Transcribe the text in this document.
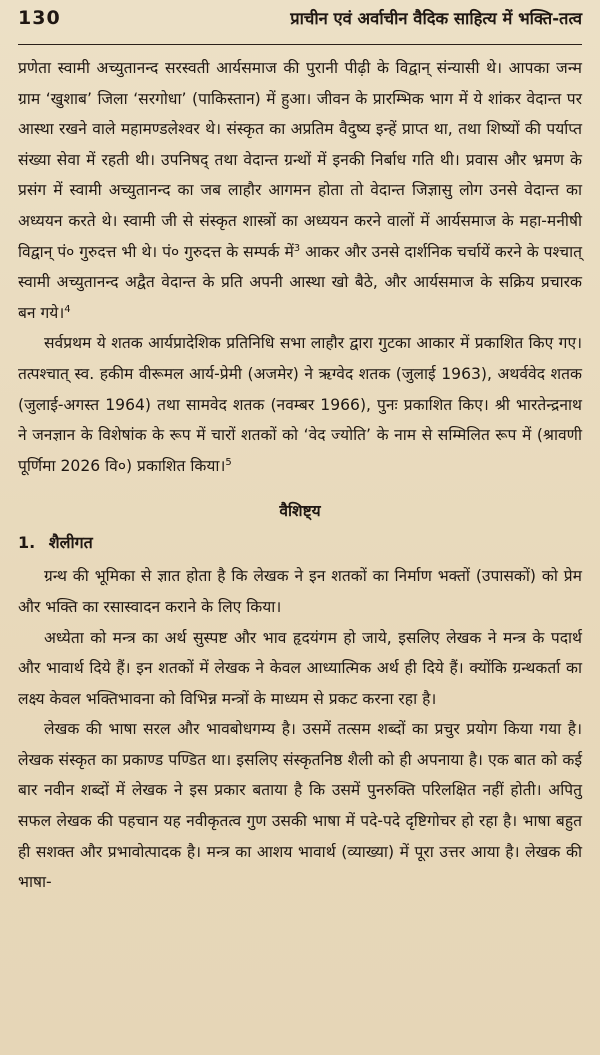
130	प्राचीन एवं अर्वाचीन वैदिक साहित्य में भक्ति-तत्व

प्रणेता स्वामी अच्युतानन्द सरस्वती आर्यसमाज की पुरानी पीढ़ी के विद्वान् संन्यासी थे। आपका जन्म ग्राम ‘खुशाब’ जिला ‘सरगोधा’ (पाकिस्तान) में हुआ। जीवन के प्रारम्भिक भाग में ये शांकर वेदान्त पर आस्था रखने वाले महामण्डलेश्वर थे। संस्कृत का अप्रतिम वैदुष्य इन्हें प्राप्त था, तथा शिष्यों की पर्याप्त संख्या सेवा में रहती थी। उपनिषद् तथा वेदान्त ग्रन्थों में इनकी निर्बाध गति थी। प्रवास और भ्रमण के प्रसंग में स्वामी अच्युतानन्द का जब लाहौर आगमन होता तो वेदान्त जिज्ञासु लोग उनसे वेदान्त का अध्ययन करते थे। स्वामी जी से संस्कृत शास्त्रों का अध्ययन करने वालों में आर्यसमाज के महा-मनीषी विद्वान् पं० गुरुदत्त भी थे। पं० गुरुदत्त के सम्पर्क में$^3$ आकर और उनसे दार्शनिक चर्चायें करने के पश्चात् स्वामी अच्युतानन्द अद्वैत वेदान्त के प्रति अपनी आस्था खो बैठे, और आर्यसमाज के सक्रिय प्रचारक बन गये।$^4$

सर्वप्रथम ये शतक आर्यप्रादेशिक प्रतिनिधि सभा लाहौर द्वारा गुटका आकार में प्रकाशित किए गए। तत्पश्चात् स्व. हकीम वीरूमल आर्य-प्रेमी (अजमेर) ने ऋग्वेद शतक (जुलाई 1963), अथर्ववेद शतक (जुलाई-अगस्त 1964) तथा सामवेद शतक (नवम्बर 1966), पुनः प्रकाशित किए। श्री भारतेन्द्रनाथ ने जनज्ञान के विशेषांक के रूप में चारों शतकों को ‘वेद ज्योति’ के नाम से सम्मिलित रूप में (श्रावणी पूर्णिमा 2026 वि०) प्रकाशित किया।$^5$

वैशिष्ट्य
1. शैलीगत

ग्रन्थ की भूमिका से ज्ञात होता है कि लेखक ने इन शतकों का निर्माण भक्तों (उपासकों) को प्रेम और भक्ति का रसास्वादन कराने के लिए किया।

अध्येता को मन्त्र का अर्थ सुस्पष्ट और भाव हृदयंगम हो जाये, इसलिए लेखक ने मन्त्र के पदार्थ और भावार्थ दिये हैं। इन शतकों में लेखक ने केवल आध्यात्मिक अर्थ ही दिये हैं। क्योंकि ग्रन्थकर्ता का लक्ष्य केवल भक्तिभावना को विभिन्न मन्त्रों के माध्यम से प्रकट करना रहा है।

लेखक की भाषा सरल और भावबोधगम्य है। उसमें तत्सम शब्दों का प्रचुर प्रयोग किया गया है। लेखक संस्कृत का प्रकाण्ड पण्डित था। इसलिए संस्कृतनिष्ठ शैली को ही अपनाया है। एक बात को कई बार नवीन शब्दों में लेखक ने इस प्रकार बताया है कि उसमें पुनरुक्ति परिलक्षित नहीं होती। अपितु सफल लेखक की पहचान यह नवीकृतत्व गुण उसकी भाषा में पदे-पदे दृष्टिगोचर हो रहा है। भाषा बहुत ही सशक्त और प्रभावोत्पादक है। मन्त्र का आशय भावार्थ (व्याख्या) में पूरा उत्तर आया है। लेखक की भाषा-
